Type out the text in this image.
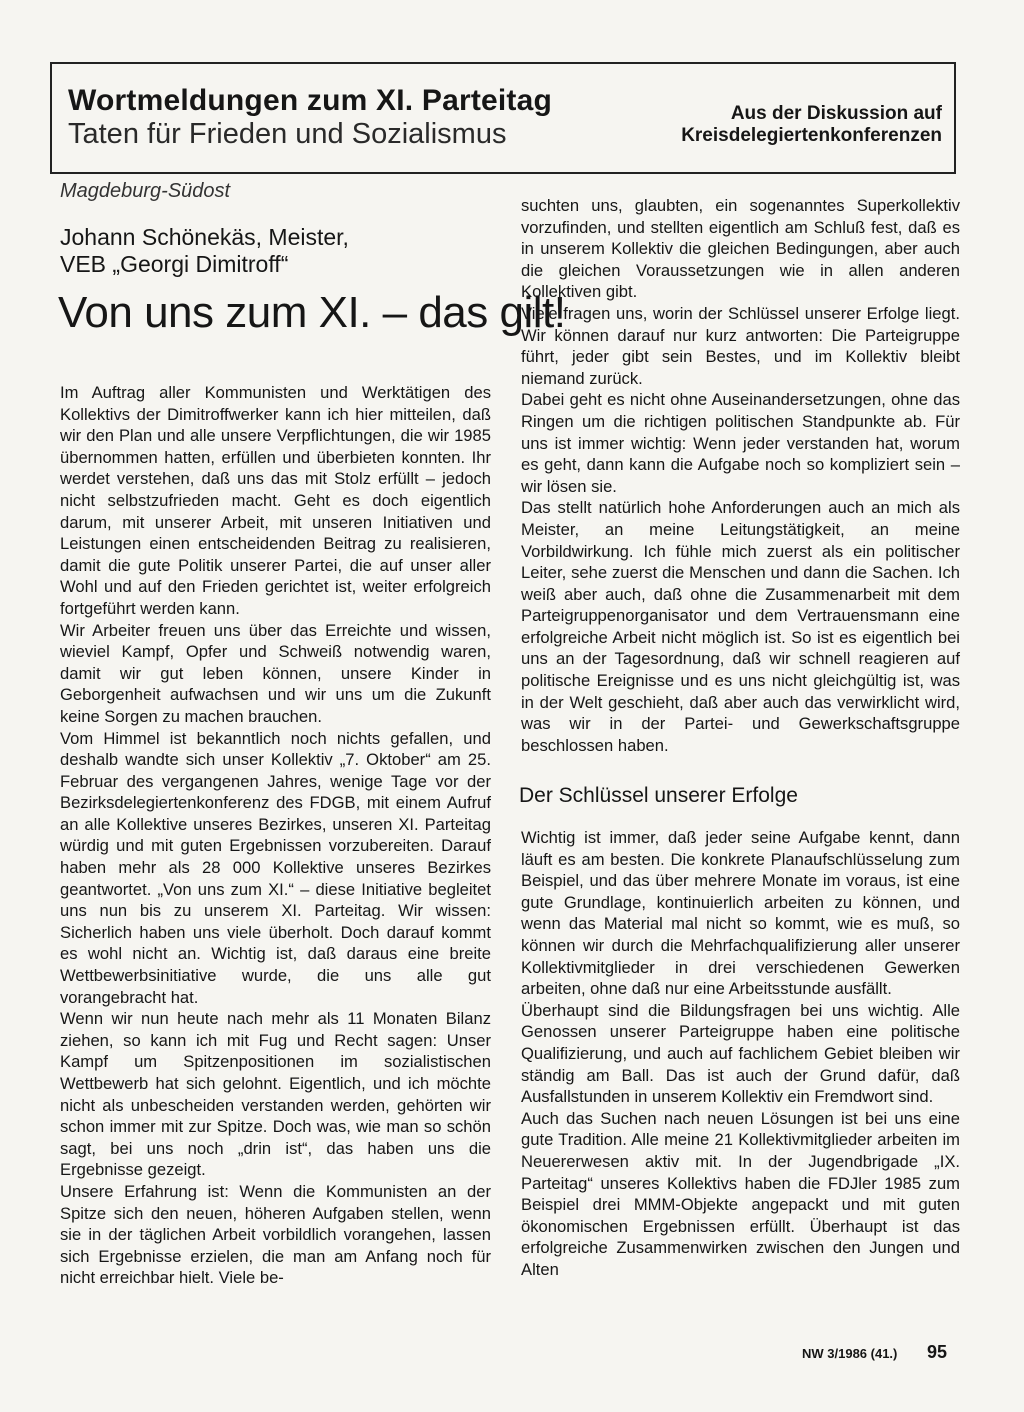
Wortmeldungen zum XI. Parteitag
Taten für Frieden und Sozialismus
Aus der Diskussion auf
Kreisdelegiertenkonferenzen
Magdeburg-Südost
Johann Schönekäs, Meister,
VEB „Georgi Dimitroff“
Von uns zum XI. – das gilt!

Im Auftrag aller Kommunisten und Werktätigen des Kollektivs der Dimitroffwerker kann ich hier mitteilen, daß wir den Plan und alle unsere Verpflichtungen, die wir 1985 übernommen hatten, erfüllen und überbieten konnten. Ihr werdet verstehen, daß uns das mit Stolz erfüllt – jedoch nicht selbstzufrieden macht. Geht es doch eigentlich darum, mit unserer Arbeit, mit unseren Initiativen und Leistungen einen entscheidenden Beitrag zu realisieren, damit die gute Politik unserer Partei, die auf unser aller Wohl und auf den Frieden gerichtet ist, weiter erfolgreich fortgeführt werden kann.

Wir Arbeiter freuen uns über das Erreichte und wissen, wieviel Kampf, Opfer und Schweiß notwendig waren, damit wir gut leben können, unsere Kinder in Geborgenheit aufwachsen und wir uns um die Zukunft keine Sorgen zu machen brauchen.

Vom Himmel ist bekanntlich noch nichts gefallen, und deshalb wandte sich unser Kollektiv „7. Oktober“ am 25. Februar des vergangenen Jahres, wenige Tage vor der Bezirksdelegiertenkonferenz des FDGB, mit einem Aufruf an alle Kollektive unseres Bezirkes, unseren XI. Parteitag würdig und mit guten Ergebnissen vorzubereiten. Darauf haben mehr als 28 000 Kollektive unseres Bezirkes geantwortet. „Von uns zum XI.“ – diese Initiative begleitet uns nun bis zu unserem XI. Parteitag. Wir wissen: Sicherlich haben uns viele überholt. Doch darauf kommt es wohl nicht an. Wichtig ist, daß daraus eine breite Wettbewerbsinitiative wurde, die uns alle gut vorangebracht hat.

Wenn wir nun heute nach mehr als 11 Monaten Bilanz ziehen, so kann ich mit Fug und Recht sagen: Unser Kampf um Spitzenpositionen im sozialistischen Wettbewerb hat sich gelohnt. Eigentlich, und ich möchte nicht als unbescheiden verstanden werden, gehörten wir schon immer mit zur Spitze. Doch was, wie man so schön sagt, bei uns noch „drin ist“, das haben uns die Ergebnisse gezeigt.

Unsere Erfahrung ist: Wenn die Kommunisten an der Spitze sich den neuen, höheren Aufgaben stellen, wenn sie in der täglichen Arbeit vorbildlich vorangehen, lassen sich Ergebnisse erzielen, die man am Anfang noch für nicht erreichbar hielt. Viele be-

suchten uns, glaubten, ein sogenanntes Superkollektiv vorzufinden, und stellten eigentlich am Schluß fest, daß es in unserem Kollektiv die gleichen Bedingungen, aber auch die gleichen Voraussetzungen wie in allen anderen Kollektiven gibt.

Viele fragen uns, worin der Schlüssel unserer Erfolge liegt. Wir können darauf nur kurz antworten: Die Parteigruppe führt, jeder gibt sein Bestes, und im Kollektiv bleibt niemand zurück.

Dabei geht es nicht ohne Auseinandersetzungen, ohne das Ringen um die richtigen politischen Standpunkte ab. Für uns ist immer wichtig: Wenn jeder verstanden hat, worum es geht, dann kann die Aufgabe noch so kompliziert sein – wir lösen sie.

Das stellt natürlich hohe Anforderungen auch an mich als Meister, an meine Leitungstätigkeit, an meine Vorbildwirkung. Ich fühle mich zuerst als ein politischer Leiter, sehe zuerst die Menschen und dann die Sachen. Ich weiß aber auch, daß ohne die Zusammenarbeit mit dem Parteigruppenorganisator und dem Vertrauensmann eine erfolgreiche Arbeit nicht möglich ist. So ist es eigentlich bei uns an der Tagesordnung, daß wir schnell reagieren auf politische Ereignisse und es uns nicht gleichgültig ist, was in der Welt geschieht, daß aber auch das verwirklicht wird, was wir in der Partei- und Gewerkschaftsgruppe beschlossen haben.

Der Schlüssel unserer Erfolge

Wichtig ist immer, daß jeder seine Aufgabe kennt, dann läuft es am besten. Die konkrete Planaufschlüsselung zum Beispiel, und das über mehrere Monate im voraus, ist eine gute Grundlage, kontinuierlich arbeiten zu können, und wenn das Material mal nicht so kommt, wie es muß, so können wir durch die Mehrfachqualifizierung aller unserer Kollektivmitglieder in drei verschiedenen Gewerken arbeiten, ohne daß nur eine Arbeitsstunde ausfällt.

Überhaupt sind die Bildungsfragen bei uns wichtig. Alle Genossen unserer Parteigruppe haben eine politische Qualifizierung, und auch auf fachlichem Gebiet bleiben wir ständig am Ball. Das ist auch der Grund dafür, daß Ausfallstunden in unserem Kollektiv ein Fremdwort sind.

Auch das Suchen nach neuen Lösungen ist bei uns eine gute Tradition. Alle meine 21 Kollektivmitglieder arbeiten im Neuererwesen aktiv mit. In der Jugendbrigade „IX. Parteitag“ unseres Kollektivs haben die FDJler 1985 zum Beispiel drei MMM-Objekte angepackt und mit guten ökonomischen Ergebnissen erfüllt. Überhaupt ist das erfolgreiche Zusammenwirken zwischen den Jungen und Alten

NW 3/1986 (41.) 95
